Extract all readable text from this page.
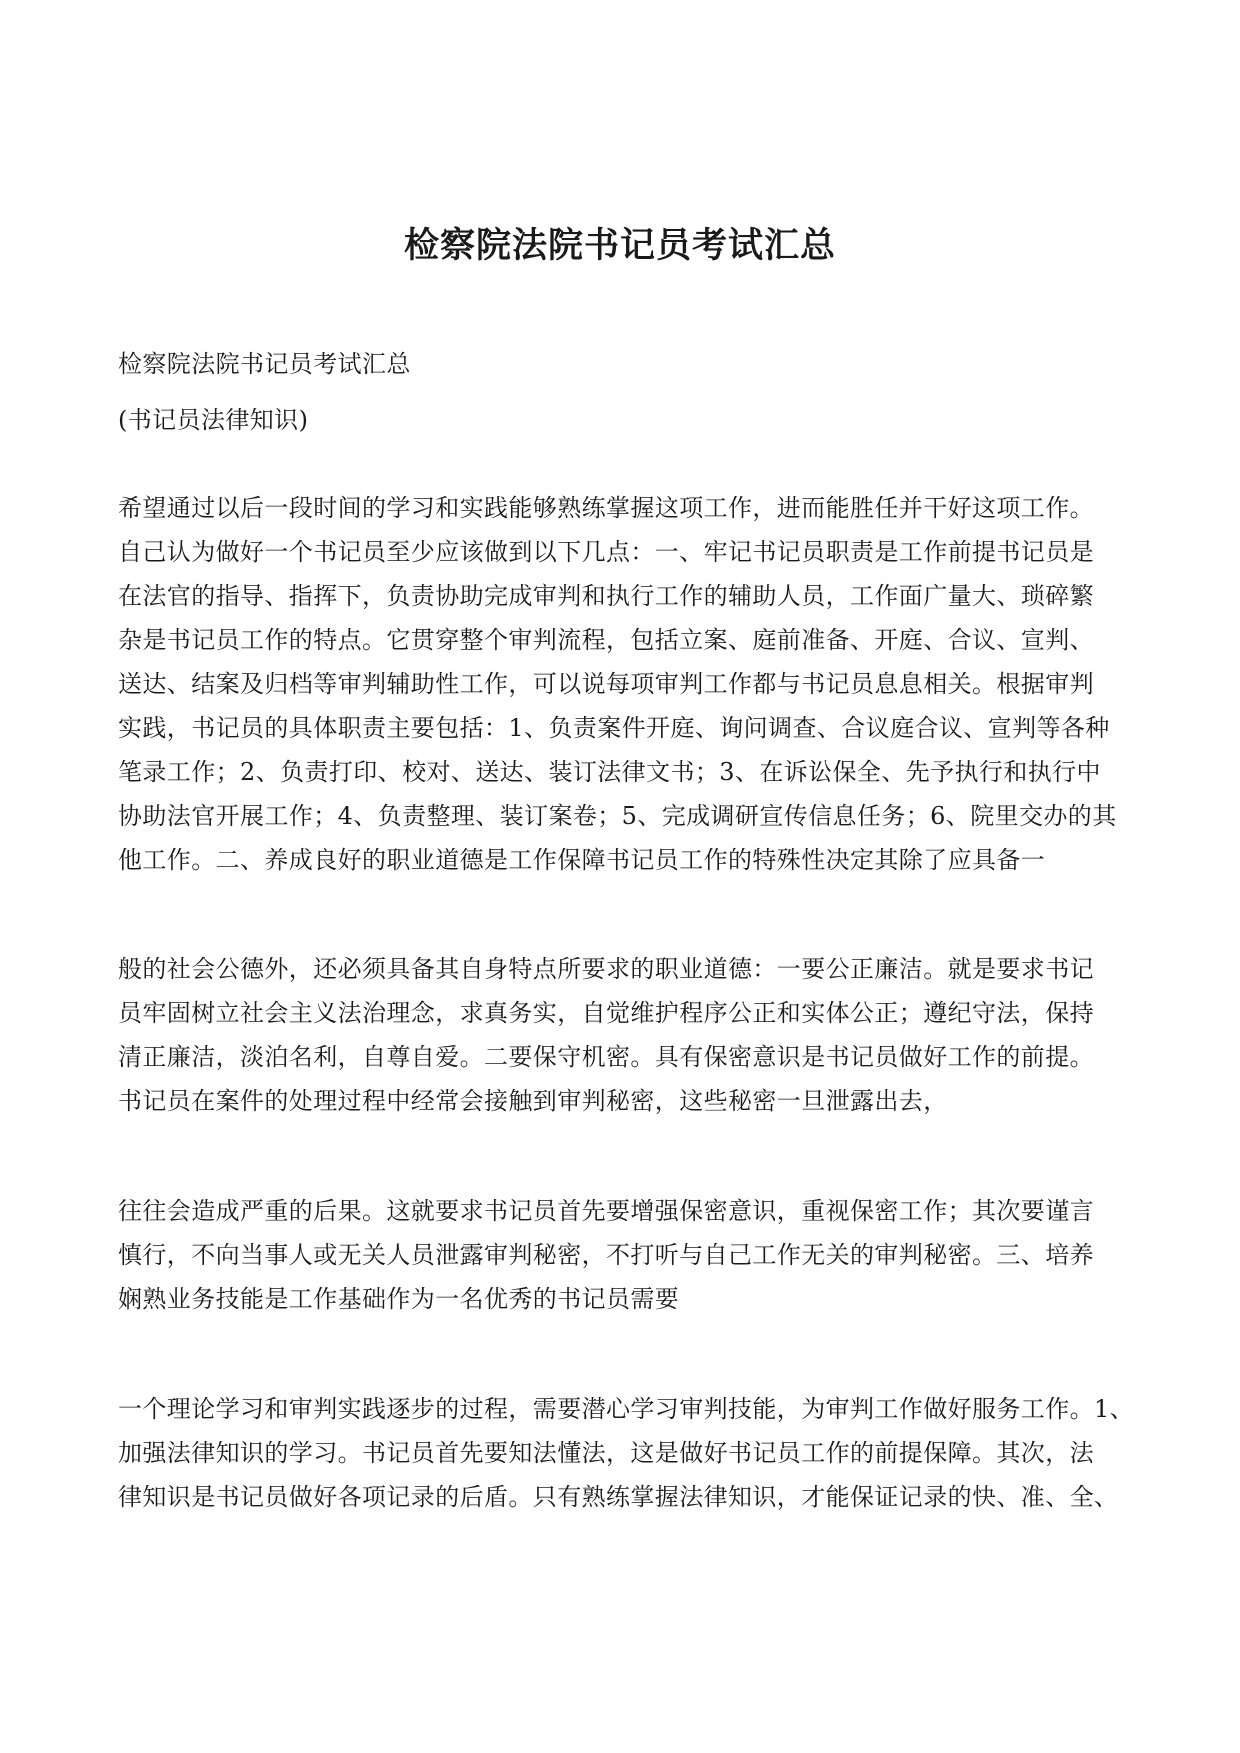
检察院法院书记员考试汇总

检察院法院书记员考试汇总

(书记员法律知识)

希望通过以后一段时间的学习和实践能够熟练掌握这项工作，进而能胜任并干好这项工作。
自己认为做好一个书记员至少应该做到以下几点：一、牢记书记员职责是工作前提书记员是
在法官的指导、指挥下，负责协助完成审判和执行工作的辅助人员，工作面广量大、琐碎繁
杂是书记员工作的特点。它贯穿整个审判流程，包括立案、庭前准备、开庭、合议、宣判、
送达、结案及归档等审判辅助性工作，可以说每项审判工作都与书记员息息相关。根据审判
实践，书记员的具体职责主要包括：1、负责案件开庭、询问调查、合议庭合议、宣判等各种
笔录工作；2、负责打印、校对、送达、装订法律文书；3、在诉讼保全、先予执行和执行中
协助法官开展工作；4、负责整理、装订案卷；5、完成调研宣传信息任务；6、院里交办的其
他工作。二、养成良好的职业道德是工作保障书记员工作的特殊性决定其除了应具备一

般的社会公德外，还必须具备其自身特点所要求的职业道德：一要公正廉洁。就是要求书记
员牢固树立社会主义法治理念，求真务实，自觉维护程序公正和实体公正；遵纪守法，保持
清正廉洁，淡泊名利，自尊自爱。二要保守机密。具有保密意识是书记员做好工作的前提。
书记员在案件的处理过程中经常会接触到审判秘密，这些秘密一旦泄露出去，

往往会造成严重的后果。这就要求书记员首先要增强保密意识，重视保密工作；其次要谨言
慎行，不向当事人或无关人员泄露审判秘密，不打听与自己工作无关的审判秘密。三、培养
娴熟业务技能是工作基础作为一名优秀的书记员需要

一个理论学习和审判实践逐步的过程，需要潜心学习审判技能，为审判工作做好服务工作。1、
加强法律知识的学习。书记员首先要知法懂法，这是做好书记员工作的前提保障。其次，法
律知识是书记员做好各项记录的后盾。只有熟练掌握法律知识，才能保证记录的快、准、全、
